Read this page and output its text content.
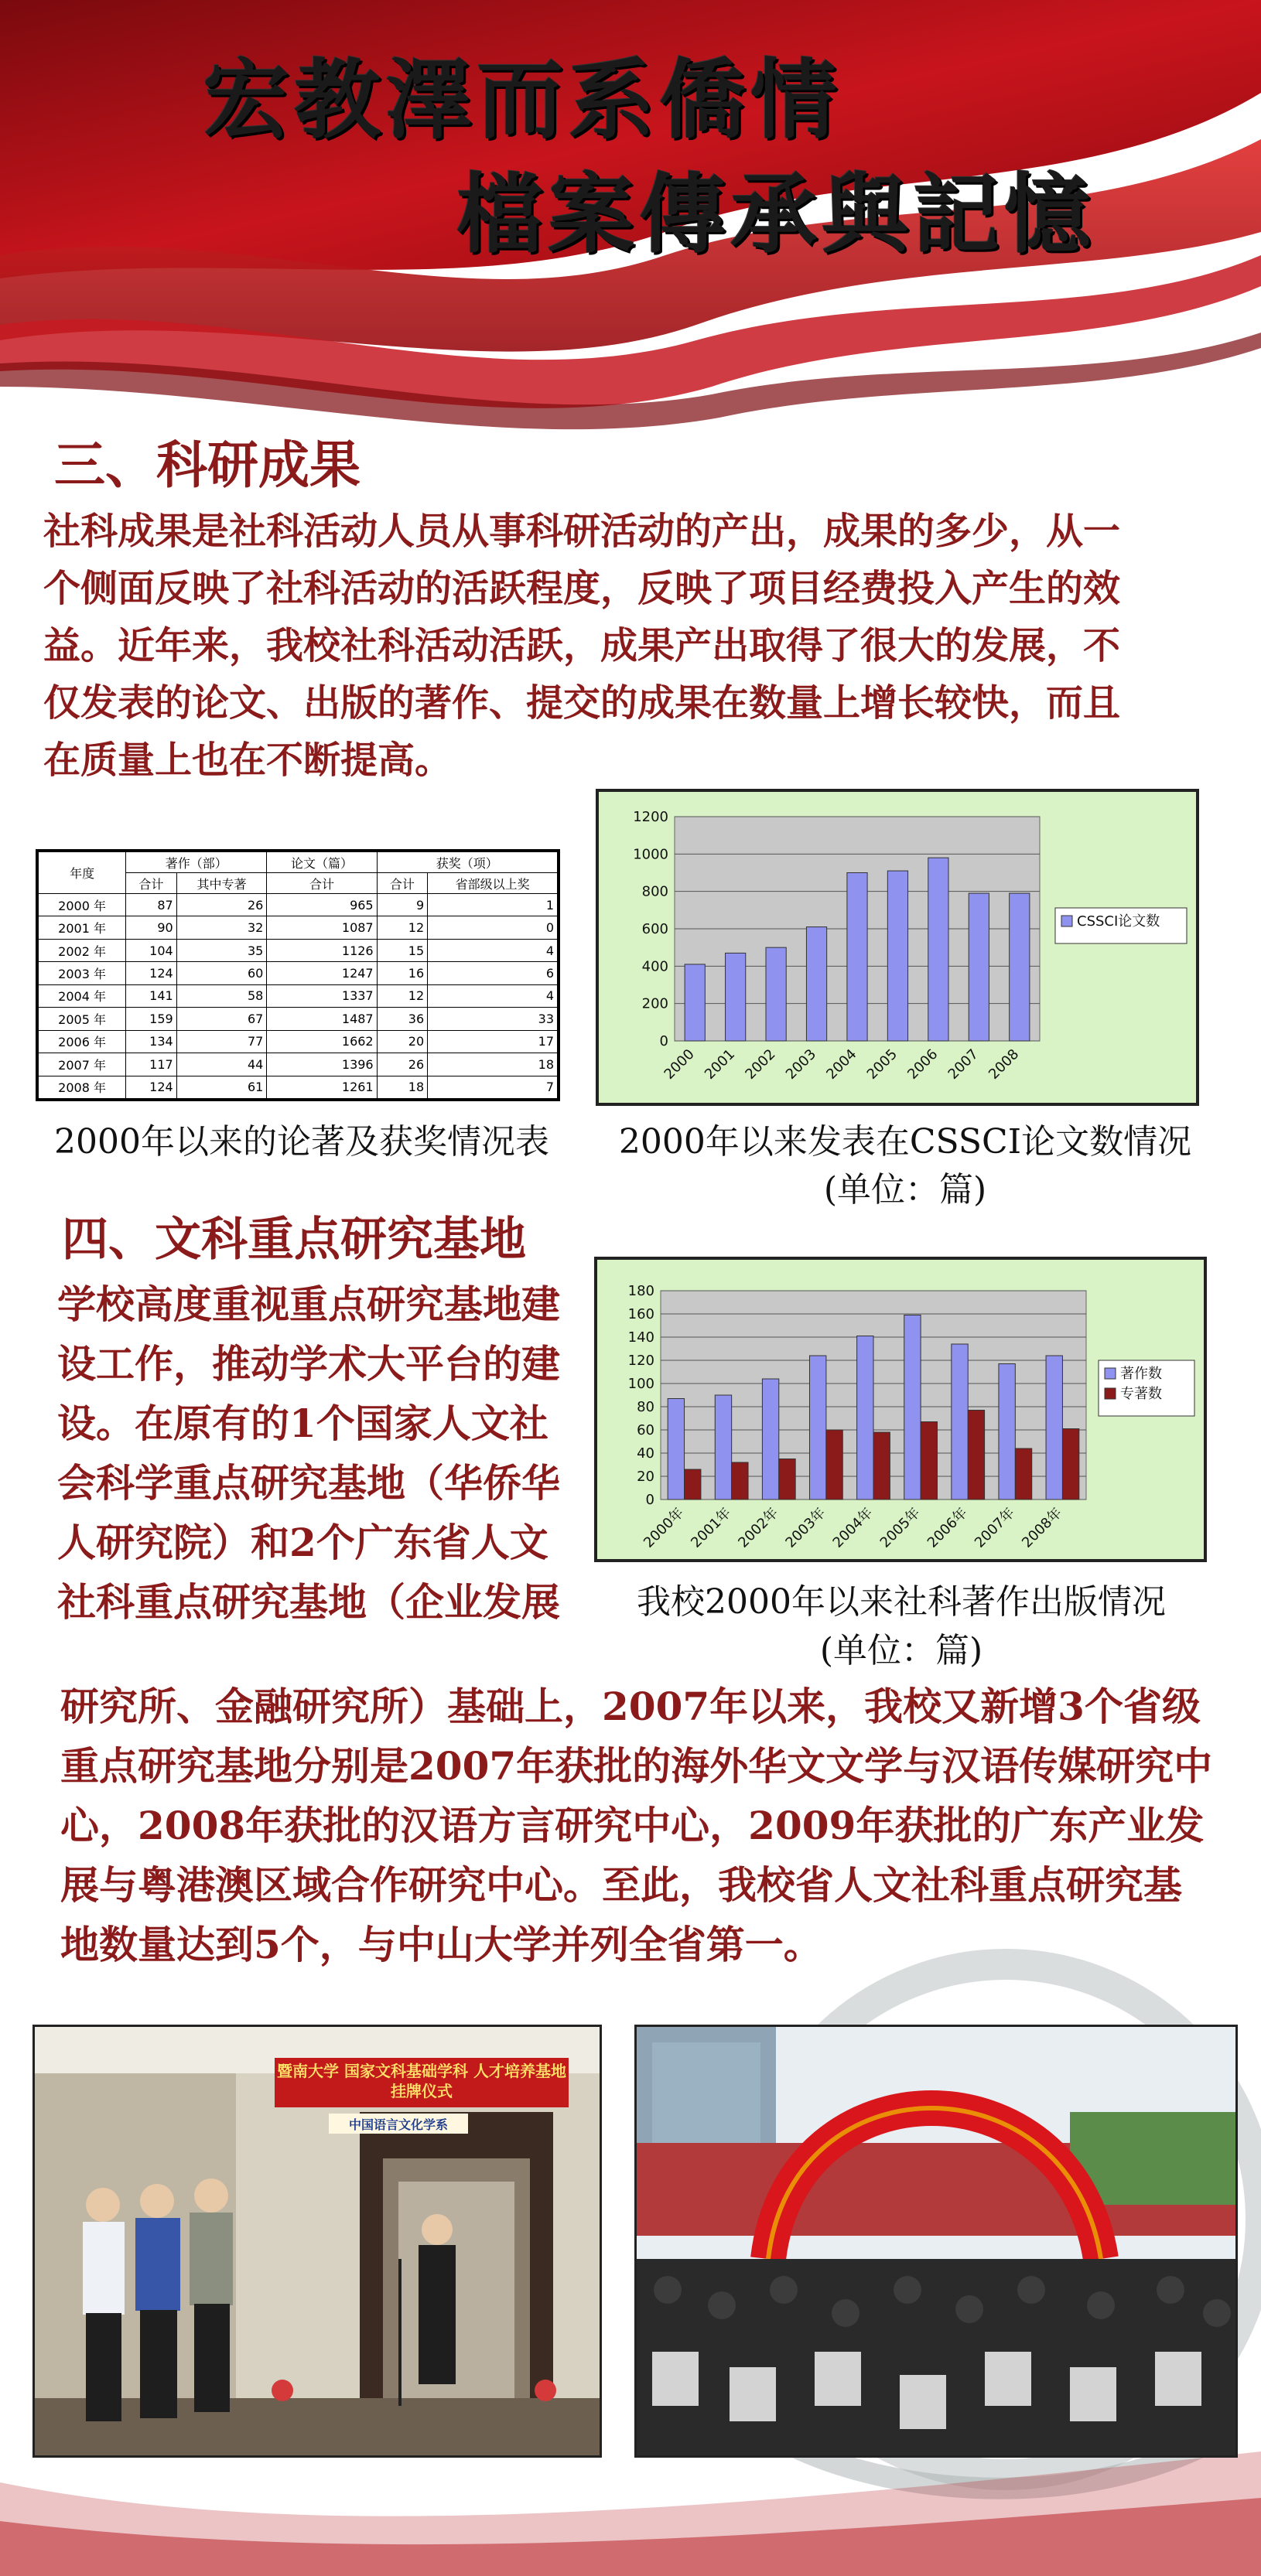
宏教澤而系僑情
檔案傳承與記憶
三、科研成果
社科成果是社科活动人员从事科研活动的产出，成果的多少，从一
个侧面反映了社科活动的活跃程度，反映了项目经费投入产生的效
益。近年来，我校社科活动活跃，成果产出取得了很大的发展，不
仅发表的论文、出版的著作、提交的成果在数量上增长较快，而且
在质量上也在不断提高。
年度	著作（部）		论文（篇）	获奖（项）	
	合计	其中专著	合计	合计	省部级以上奖
2000 年	87	26	965	9	1
2001 年	90	32	1087	12	0
2002 年	104	35	1126	15	4
2003 年	124	60	1247	16	6
2004 年	141	58	1337	12	4
2005 年	159	67	1487	36	33
2006 年	134	77	1662	20	17
2007 年	117	44	1396	26	18
2008 年	124	61	1261	18	7
2000年以来的论著及获奖情况表
0
200
400
600
800
1000
1200
2000 2001 2002 2003 2004 2005 2006 2007 2008
CSSCI论文数
2000年以来发表在CSSCI论文数情况
(单位：篇)
四、文科重点研究基地
学校高度重视重点研究基地建
设工作，推动学术大平台的建
设。在原有的1个国家人文社
会科学重点研究基地（华侨华
人研究院）和2个广东省人文
社科重点研究基地（企业发展
0
20
40
60
80
100
120
140
160
180
2000年 2001年 2002年 2003年 2004年 2005年 2006年 2007年 2008年
著作数
专著数
我校2000年以来社科著作出版情况
(单位：篇)
研究所、金融研究所）基础上，2007年以来，我校又新增3个省级
重点研究基地分别是2007年获批的海外华文文学与汉语传媒研究中
心，2008年获批的汉语方言研究中心，2009年获批的广东产业发
展与粤港澳区域合作研究中心。至此，我校省人文社科重点研究基
地数量达到5个，与中山大学并列全省第一。
暨南大学 国家文科基础学科 人才培养基地 挂牌仪式
中国语言文化学系
